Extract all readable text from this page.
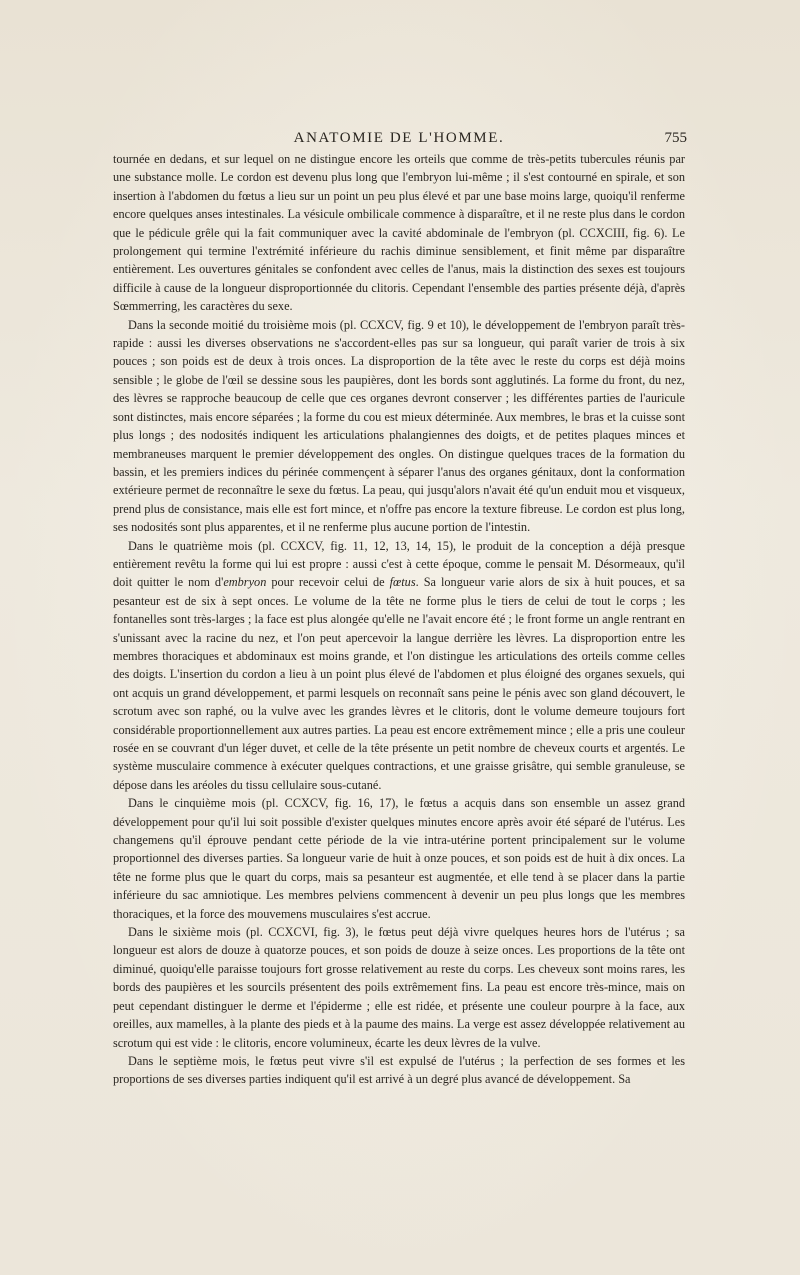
ANATOMIE DE L'HOMME.	755

tournée en dedans, et sur lequel on ne distingue encore les orteils que comme de très-petits tubercules réunis par une substance molle. Le cordon est devenu plus long que l'embryon lui-même ; il s'est contourné en spirale, et son insertion à l'abdomen du fœtus a lieu sur un point un peu plus élevé et par une base moins large, quoiqu'il renferme encore quelques anses intestinales. La vésicule ombilicale commence à disparaître, et il ne reste plus dans le cordon que le pédicule grêle qui la fait communiquer avec la cavité abdominale de l'embryon (pl. CCXCIII, fig. 6). Le prolongement qui termine l'extrémité inférieure du rachis diminue sensiblement, et finit même par disparaître entièrement. Les ouvertures génitales se confondent avec celles de l'anus, mais la distinction des sexes est toujours difficile à cause de la longueur disproportionnée du clitoris. Cependant l'ensemble des parties présente déjà, d'après Sœmmerring, les caractères du sexe.

Dans la seconde moitié du troisième mois (pl. CCXCV, fig. 9 et 10), le développement de l'embryon paraît très-rapide : aussi les diverses observations ne s'accordent-elles pas sur sa longueur, qui paraît varier de trois à six pouces ; son poids est de deux à trois onces. La disproportion de la tête avec le reste du corps est déjà moins sensible ; le globe de l'œil se dessine sous les paupières, dont les bords sont agglutinés. La forme du front, du nez, des lèvres se rapproche beaucoup de celle que ces organes devront conserver ; les différentes parties de l'auricule sont distinctes, mais encore séparées ; la forme du cou est mieux déterminée. Aux membres, le bras et la cuisse sont plus longs ; des nodosités indiquent les articulations phalangiennes des doigts, et de petites plaques minces et membraneuses marquent le premier développement des ongles. On distingue quelques traces de la formation du bassin, et les premiers indices du périnée commençent à séparer l'anus des organes génitaux, dont la conformation extérieure permet de reconnaître le sexe du fœtus. La peau, qui jusqu'alors n'avait été qu'un enduit mou et visqueux, prend plus de consistance, mais elle est fort mince, et n'offre pas encore la texture fibreuse. Le cordon est plus long, ses nodosités sont plus apparentes, et il ne renferme plus aucune portion de l'intestin.

Dans le quatrième mois (pl. CCXCV, fig. 11, 12, 13, 14, 15), le produit de la conception a déjà presque entièrement revêtu la forme qui lui est propre : aussi c'est à cette époque, comme le pensait M. Désormeaux, qu'il doit quitter le nom d'embryon pour recevoir celui de fœtus. Sa longueur varie alors de six à huit pouces, et sa pesanteur est de six à sept onces. Le volume de la tête ne forme plus le tiers de celui de tout le corps ; les fontanelles sont très-larges ; la face est plus alongée qu'elle ne l'avait encore été ; le front forme un angle rentrant en s'unissant avec la racine du nez, et l'on peut apercevoir la langue derrière les lèvres. La disproportion entre les membres thoraciques et abdominaux est moins grande, et l'on distingue les articulations des orteils comme celles des doigts. L'insertion du cordon a lieu à un point plus élevé de l'abdomen et plus éloigné des organes sexuels, qui ont acquis un grand développement, et parmi lesquels on reconnaît sans peine le pénis avec son gland découvert, le scrotum avec son raphé, ou la vulve avec les grandes lèvres et le clitoris, dont le volume demeure toujours fort considérable proportionnellement aux autres parties. La peau est encore extrêmement mince ; elle a pris une couleur rosée en se couvrant d'un léger duvet, et celle de la tête présente un petit nombre de cheveux courts et argentés. Le système musculaire commence à exécuter quelques contractions, et une graisse grisâtre, qui semble granuleuse, se dépose dans les aréoles du tissu cellulaire sous-cutané.

Dans le cinquième mois (pl. CCXCV, fig. 16, 17), le fœtus a acquis dans son ensemble un assez grand développement pour qu'il lui soit possible d'exister quelques minutes encore après avoir été séparé de l'utérus. Les changemens qu'il éprouve pendant cette période de la vie intra-utérine portent principalement sur le volume proportionnel des diverses parties. Sa longueur varie de huit à onze pouces, et son poids est de huit à dix onces. La tête ne forme plus que le quart du corps, mais sa pesanteur est augmentée, et elle tend à se placer dans la partie inférieure du sac amniotique. Les membres pelviens commencent à devenir un peu plus longs que les membres thoraciques, et la force des mouvemens musculaires s'est accrue.

Dans le sixième mois (pl. CCXCVI, fig. 3), le fœtus peut déjà vivre quelques heures hors de l'utérus ; sa longueur est alors de douze à quatorze pouces, et son poids de douze à seize onces. Les proportions de la tête ont diminué, quoiqu'elle paraisse toujours fort grosse relativement au reste du corps. Les cheveux sont moins rares, les bords des paupières et les sourcils présentent des poils extrêmement fins. La peau est encore très-mince, mais on peut cependant distinguer le derme et l'épiderme ; elle est ridée, et présente une couleur pourpre à la face, aux oreilles, aux mamelles, à la plante des pieds et à la paume des mains. La verge est assez développée relativement au scrotum qui est vide : le clitoris, encore volumineux, écarte les deux lèvres de la vulve.

Dans le septième mois, le fœtus peut vivre s'il est expulsé de l'utérus ; la perfection de ses formes et les proportions de ses diverses parties indiquent qu'il est arrivé à un degré plus avancé de développement. Sa
